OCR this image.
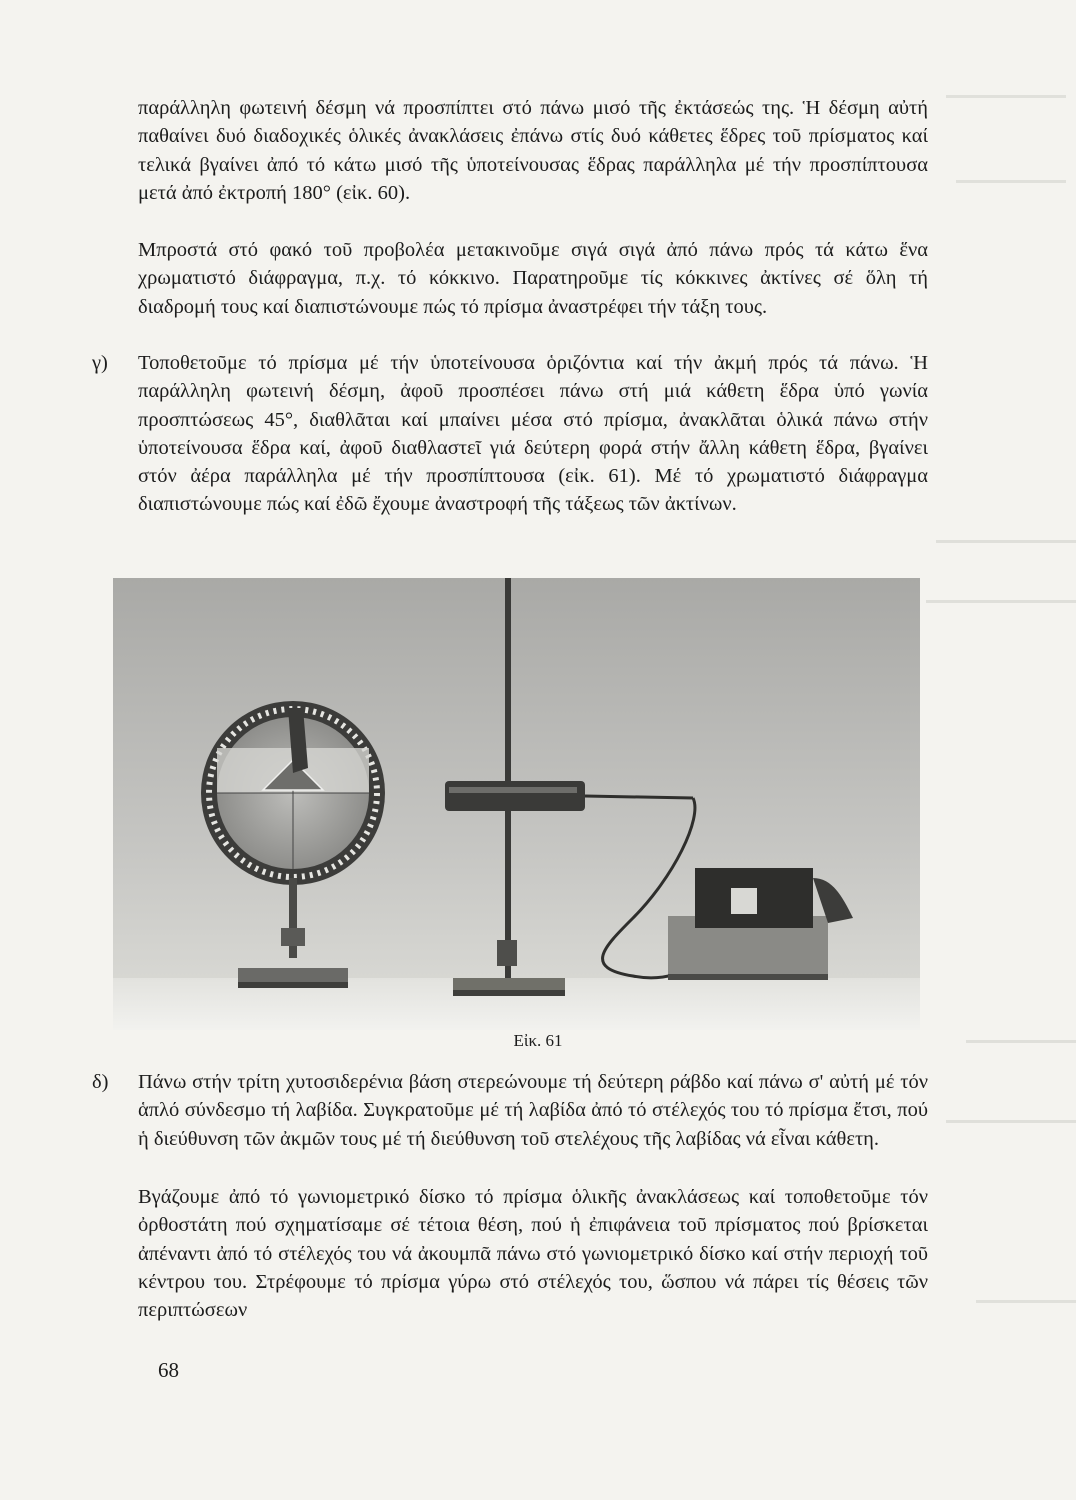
παράλληλη φωτεινή δέσμη νά προσπίπτει στό πάνω μισό τῆς ἐκτάσεώς της. Ἡ δέσμη αὐτή παθαίνει δυό διαδοχικές ὁλικές ἀνακλάσεις ἐπάνω στίς δυό κάθετες ἕδρες τοῦ πρίσματος καί τελικά βγαίνει ἀπό τό κάτω μισό τῆς ὑποτείνουσας ἕδρας παράλληλα μέ τήν προσπίπτουσα μετά ἀπό ἐκτροπή 180° (εἰκ. 60).

Μπροστά στό φακό τοῦ προβολέα μετακινοῦμε σιγά σιγά ἀπό πάνω πρός τά κάτω ἕνα χρωματιστό διάφραγμα, π.χ. τό κόκκινο. Παρατηροῦμε τίς κόκκινες ἀκτίνες σέ ὅλη τή διαδρομή τους καί διαπιστώνουμε πώς τό πρίσμα ἀναστρέφει τήν τάξη τους.

γ) Τοποθετοῦμε τό πρίσμα μέ τήν ὑποτείνουσα ὁριζόντια καί τήν ἀκμή πρός τά πάνω. Ἡ παράλληλη φωτεινή δέσμη, ἀφοῦ προσπέσει πάνω στή μιά κάθετη ἕδρα ὑπό γωνία προσπτώσεως 45°, διαθλᾶται καί μπαίνει μέσα στό πρίσμα, ἀνακλᾶται ὁλικά πάνω στήν ὑποτείνουσα ἕδρα καί, ἀφοῦ διαθλαστεῖ γιά δεύτερη φορά στήν ἄλλη κάθετη ἕδρα, βγαίνει στόν ἀέρα παράλληλα μέ τήν προσπίπτουσα (εἰκ. 61). Μέ τό χρωματιστό διάφραγμα διαπιστώνουμε πώς καί ἐδῶ ἔχουμε ἀναστροφή τῆς τάξεως τῶν ἀκτίνων.

Εἰκ. 61
δ) Πάνω στήν τρίτη χυτοσιδερένια βάση στερεώνουμε τή δεύτερη ράβδο καί πάνω σ' αὐτή μέ τόν ἁπλό σύνδεσμο τή λαβίδα. Συγκρατοῦμε μέ τή λαβίδα ἀπό τό στέλεχός του τό πρίσμα ἔτσι, πού ἡ διεύθυνση τῶν ἀκμῶν τους μέ τή διεύθυνση τοῦ στελέχους τῆς λαβίδας νά εἶναι κάθετη.

Βγάζουμε ἀπό τό γωνιομετρικό δίσκο τό πρίσμα ὁλικῆς ἀνακλάσεως καί τοποθετοῦμε τόν ὀρθοστάτη πού σχηματίσαμε σέ τέτοια θέση, πού ἡ ἐπιφάνεια τοῦ πρίσματος πού βρίσκεται ἀπέναντι ἀπό τό στέλεχός του νά ἀκουμπᾶ πάνω στό γωνιομετρικό δίσκο καί στήν περιοχή τοῦ κέντρου του. Στρέφουμε τό πρίσμα γύρω στό στέλεχός του, ὥσπου νά πάρει τίς θέσεις τῶν περιπτώσεων

68
